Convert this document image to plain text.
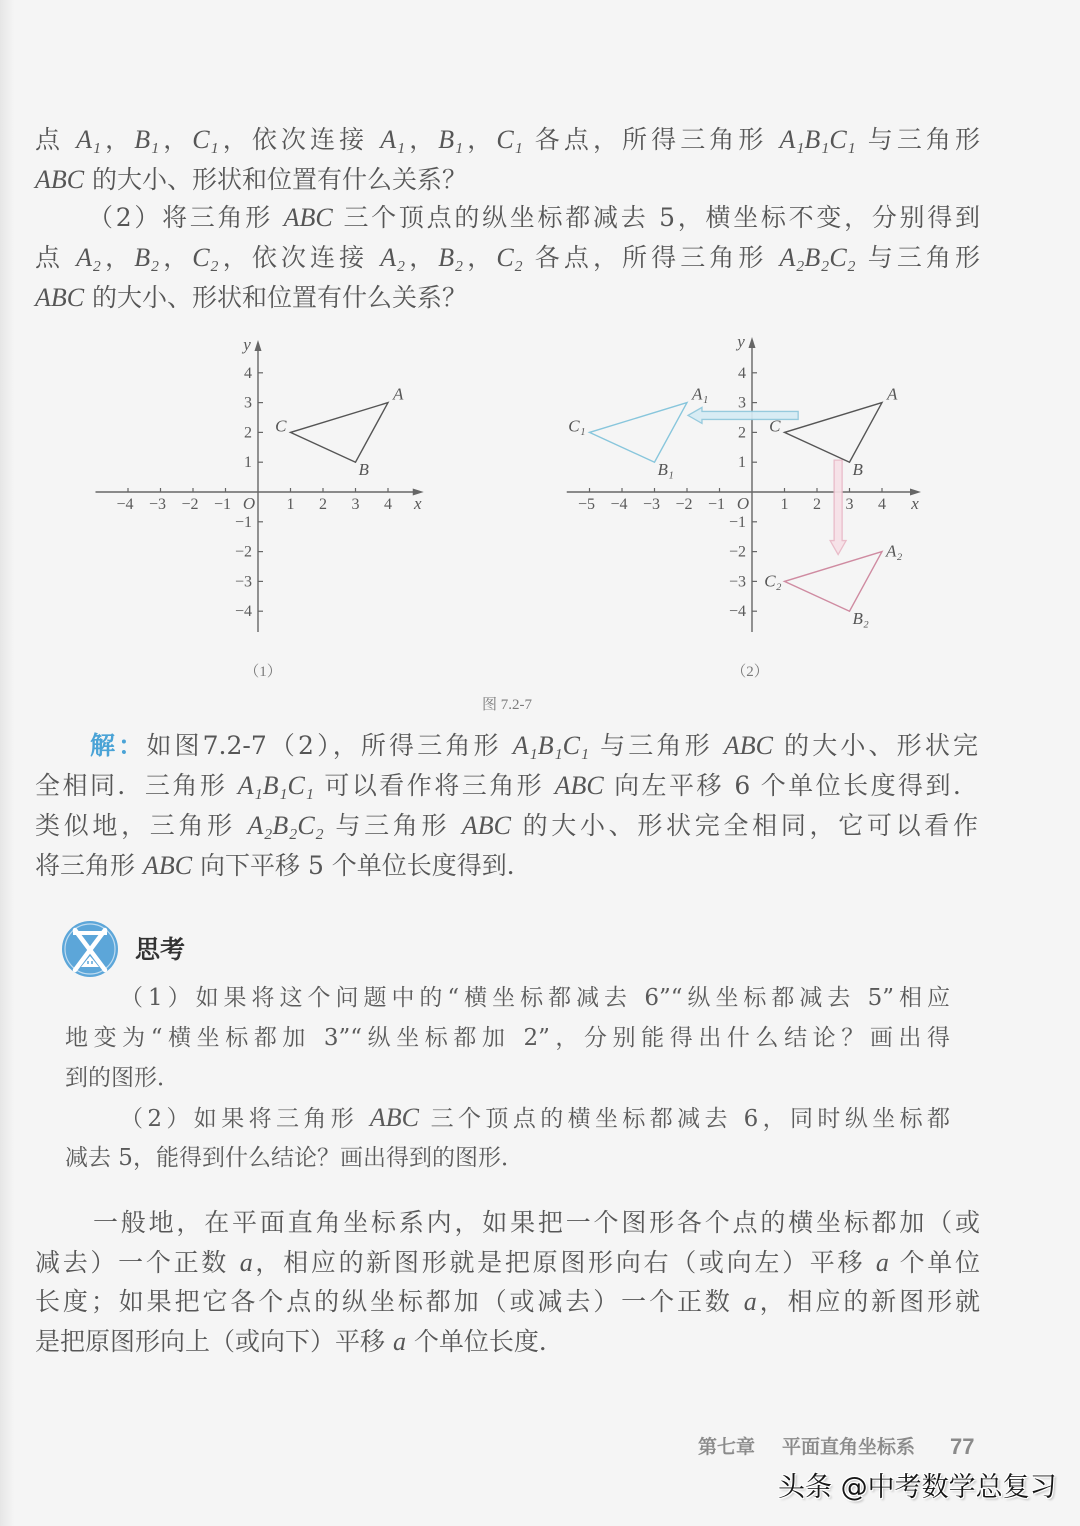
点 A₁，B₁，C₁，依次连接 A₁，B₁，C₁ 各点，所得三角形 A₁B₁C₁ 与三角形
ABC 的大小、形状和位置有什么关系？
（2）将三角形 ABC 三个顶点的纵坐标都减去 5，横坐标不变，分别得到
点 A₂，B₂，C₂，依次连接 A₂，B₂，C₂ 各点，所得三角形 A₂B₂C₂ 与三角形
ABC 的大小、形状和位置有什么关系？
−4 −3 −2 −1	1 2 3 4
−4
−3
−2
−1
1
2
3
4
O	x
y
A
B
C
−5 −4 −3 −2 −1	1 2 3 4
−4
−3
−2
−1
1
2
3
4
O	x
y
A
B
C
A₁
B₁
C₁
A₂
B₂
C₂
（1）	（2）
图 7.2-7
解：如图7.2-7（2），所得三角形 A₁B₁C₁ 与三角形 ABC 的大小、形状完
全相同．三角形 A₁B₁C₁ 可以看作将三角形 ABC 向左平移 6 个单位长度得到．
类似地，三角形 A₂B₂C₂ 与三角形 ABC 的大小、形状完全相同，它可以看作
将三角形 ABC 向下平移 5 个单位长度得到．
思考
（1）如果将这个问题中的“横坐标都减去 6”“纵坐标都减去 5”相应
地变为“横坐标都加 3”“纵坐标都加 2”，分别能得出什么结论？画出得
到的图形．
（2）如果将三角形 ABC 三个顶点的横坐标都减去 6，同时纵坐标都
减去 5，能得到什么结论？画出得到的图形．
一般地，在平面直角坐标系内，如果把一个图形各个点的横坐标都加（或
减去）一个正数 a，相应的新图形就是把原图形向右（或向左）平移 a 个单位
长度；如果把它各个点的纵坐标都加（或减去）一个正数 a，相应的新图形就
是把原图形向上（或向下）平移 a 个单位长度．
第七章 平面直角坐标系 77
头条 @中考数学总复习
